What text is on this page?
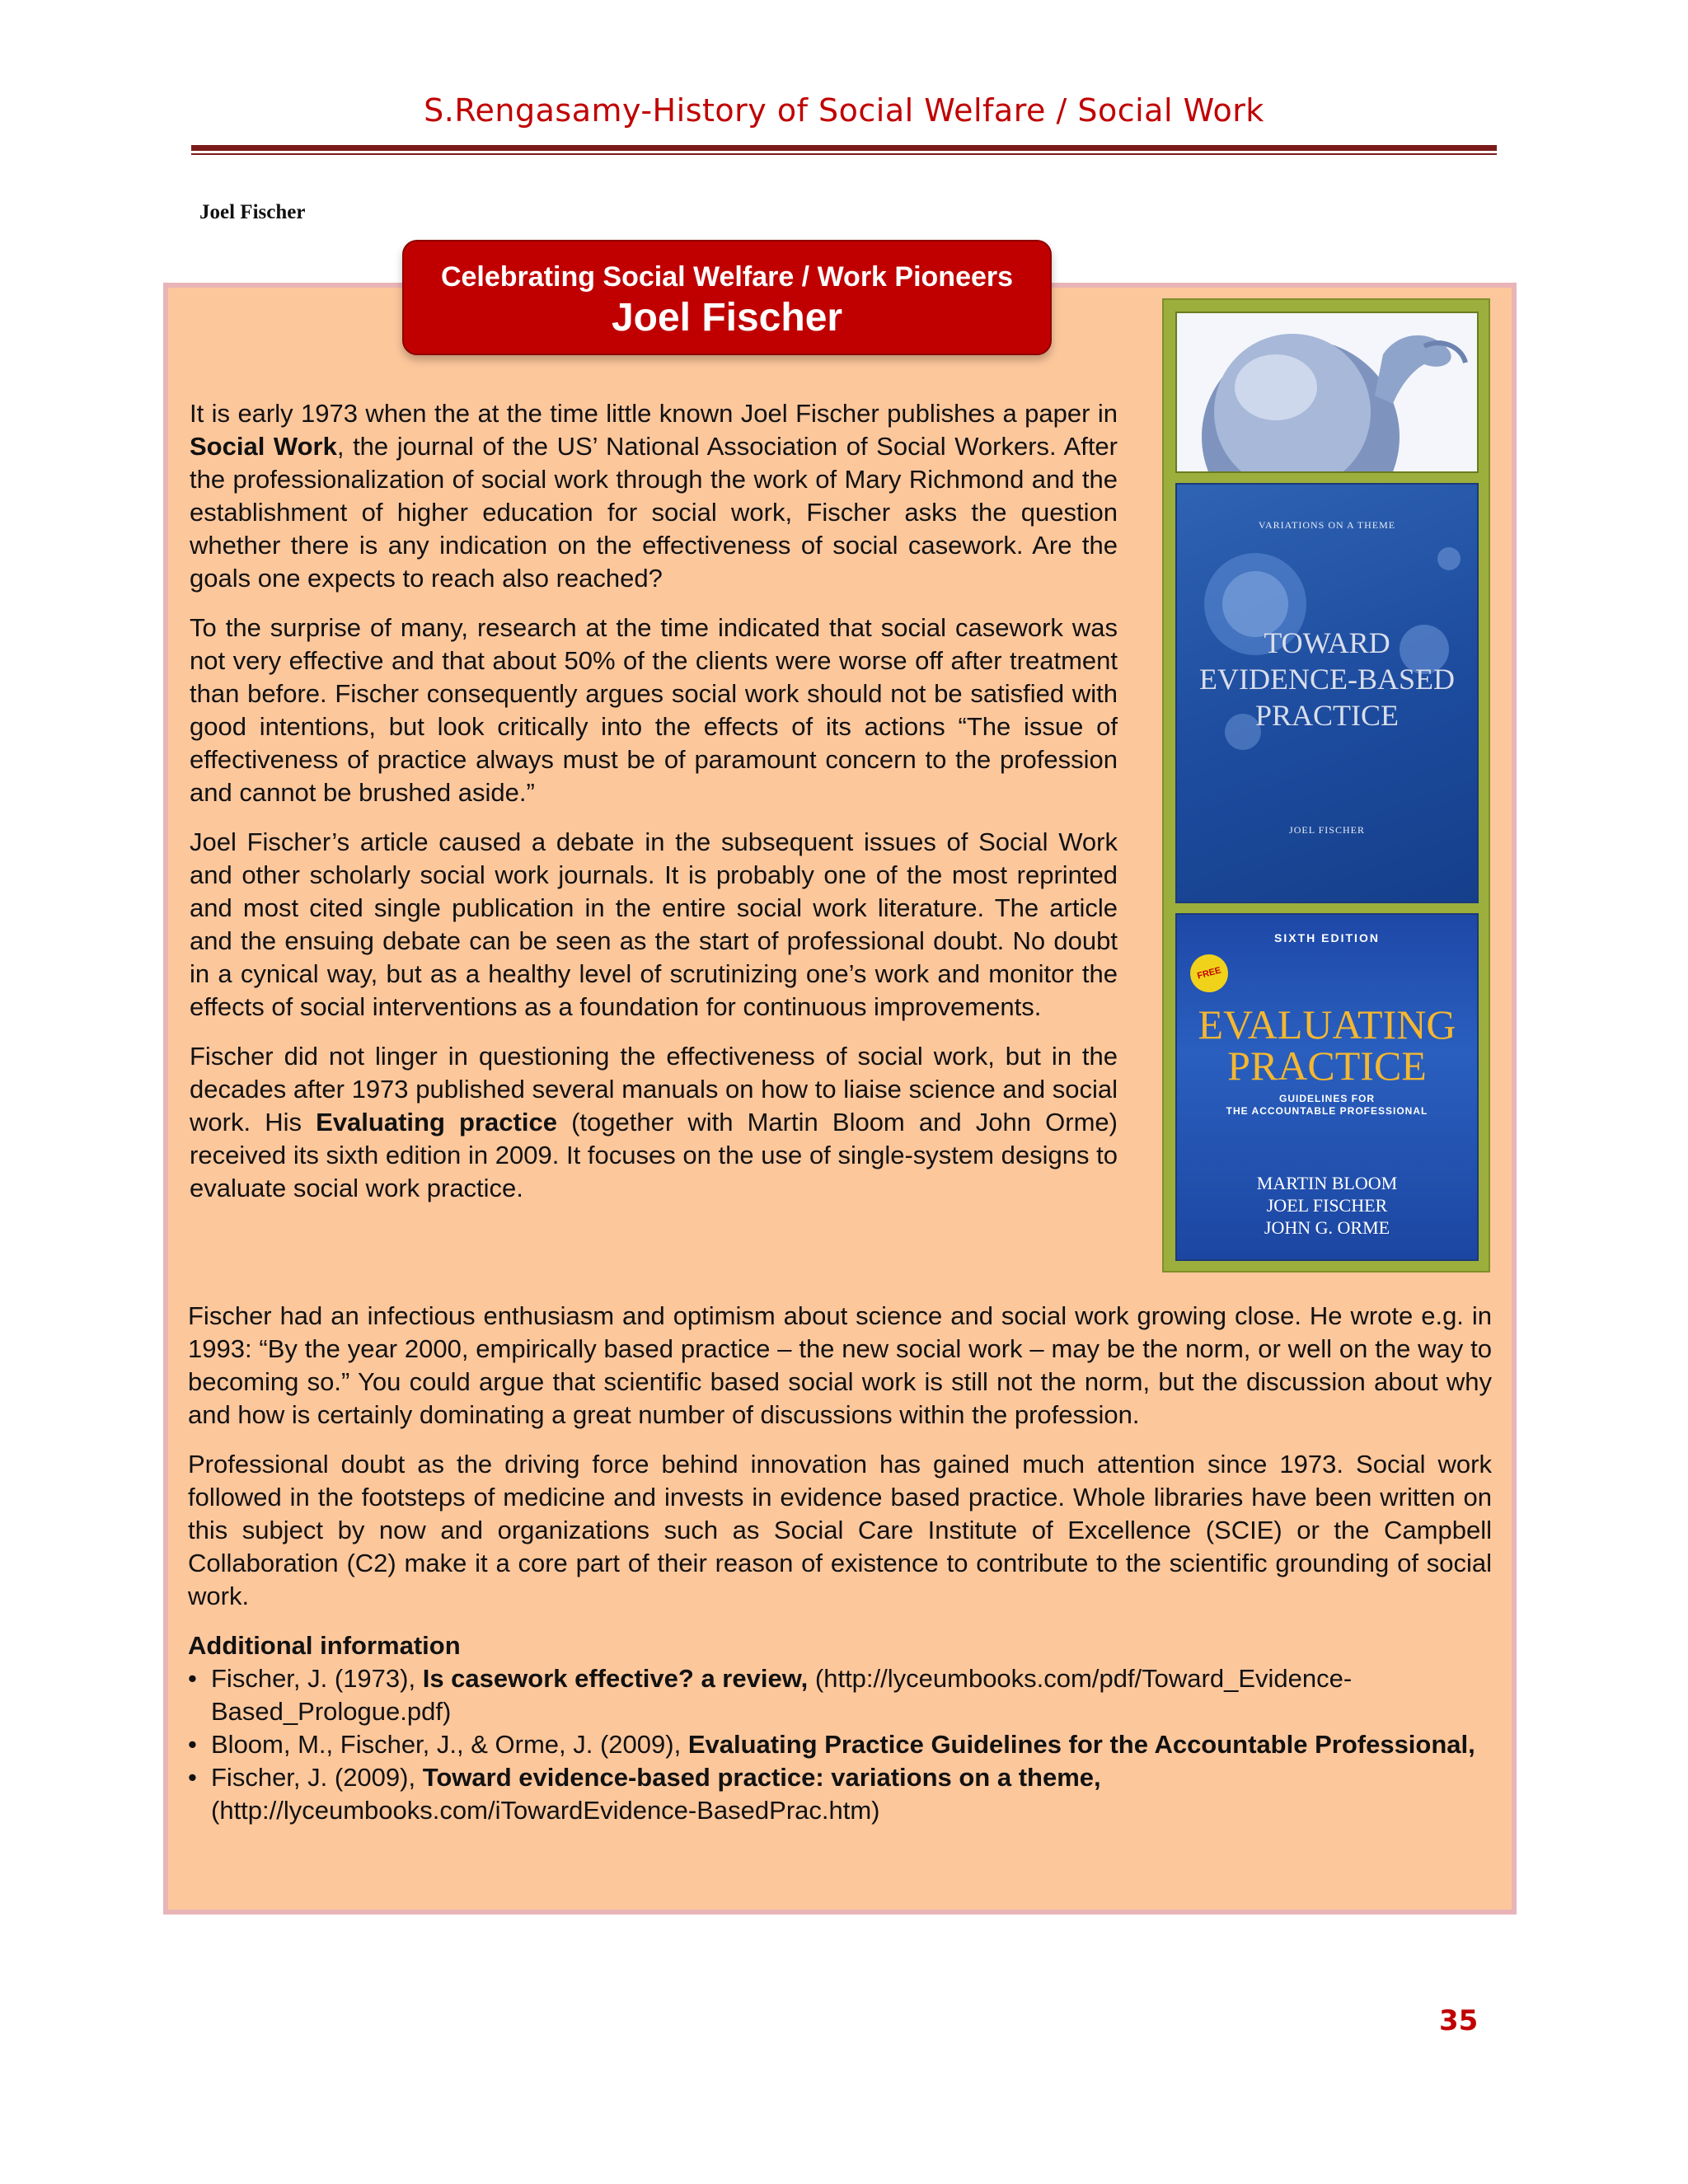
S.Rengasamy-History of Social Welfare / Social Work
Joel Fischer
Celebrating Social Welfare / Work Pioneers
Joel Fischer

It is early 1973 when the at the time little known Joel Fischer publishes a paper in Social Work, the journal of the US’ National Association of Social Workers. After the professionalization of social work through the work of Mary Richmond and the establishment of higher education for social work, Fischer asks the question whether there is any indication on the effectiveness of social casework. Are the goals one expects to reach also reached?

To the surprise of many, research at the time indicated that social casework was not very effective and that about 50% of the clients were worse off after treatment than before. Fischer consequently argues social work should not be satisfied with good intentions, but look critically into the effects of its actions “The issue of effectiveness of practice always must be of paramount concern to the profession and cannot be brushed aside.”

Joel Fischer’s article caused a debate in the subsequent issues of Social Work and other scholarly social work journals. It is probably one of the most reprinted and most cited single publication in the entire social work literature. The article and the ensuing debate can be seen as the start of professional doubt. No doubt in a cynical way, but as a healthy level of scrutinizing one’s work and monitor the effects of social interventions as a foundation for continuous improvements.

Fischer did not linger in questioning the effectiveness of social work, but in the decades after 1973 published several manuals on how to liaise science and social work. His Evaluating practice (together with Martin Bloom and John Orme) received its sixth edition in 2009. It focuses on the use of single-system designs to evaluate social work practice.

VARIATIONS ON A THEME
TOWARD
EVIDENCE-BASED
PRACTICE
JOEL FISCHER
SIXTH EDITION
FREE
EVALUATING
PRACTICE
GUIDELINES FOR
THE ACCOUNTABLE PROFESSIONAL
MARTIN BLOOM
JOEL FISCHER
JOHN G. ORME

Fischer had an infectious enthusiasm and optimism about science and social work growing close. He wrote e.g. in 1993: “By the year 2000, empirically based practice – the new social work – may be the norm, or well on the way to becoming so.” You could argue that scientific based social work is still not the norm, but the discussion about why and how is certainly dominating a great number of discussions within the profession.

Professional doubt as the driving force behind innovation has gained much attention since 1973. Social work followed in the footsteps of medicine and invests in evidence based practice. Whole libraries have been written on this subject by now and organizations such as Social Care Institute of Excellence (SCIE) or the Campbell Collaboration (C2) make it a core part of their reason of existence to contribute to the scientific grounding of social work.

Additional information
• Fischer, J. (1973), Is casework effective? a review, (http://lyceumbooks.com/pdf/Toward_Evidence-Based_Prologue.pdf)
• Bloom, M., Fischer, J., & Orme, J. (2009), Evaluating Practice Guidelines for the Accountable Professional,
• Fischer, J. (2009), Toward evidence-based practice: variations on a theme, (http://lyceumbooks.com/iTowardEvidence-BasedPrac.htm)
35
